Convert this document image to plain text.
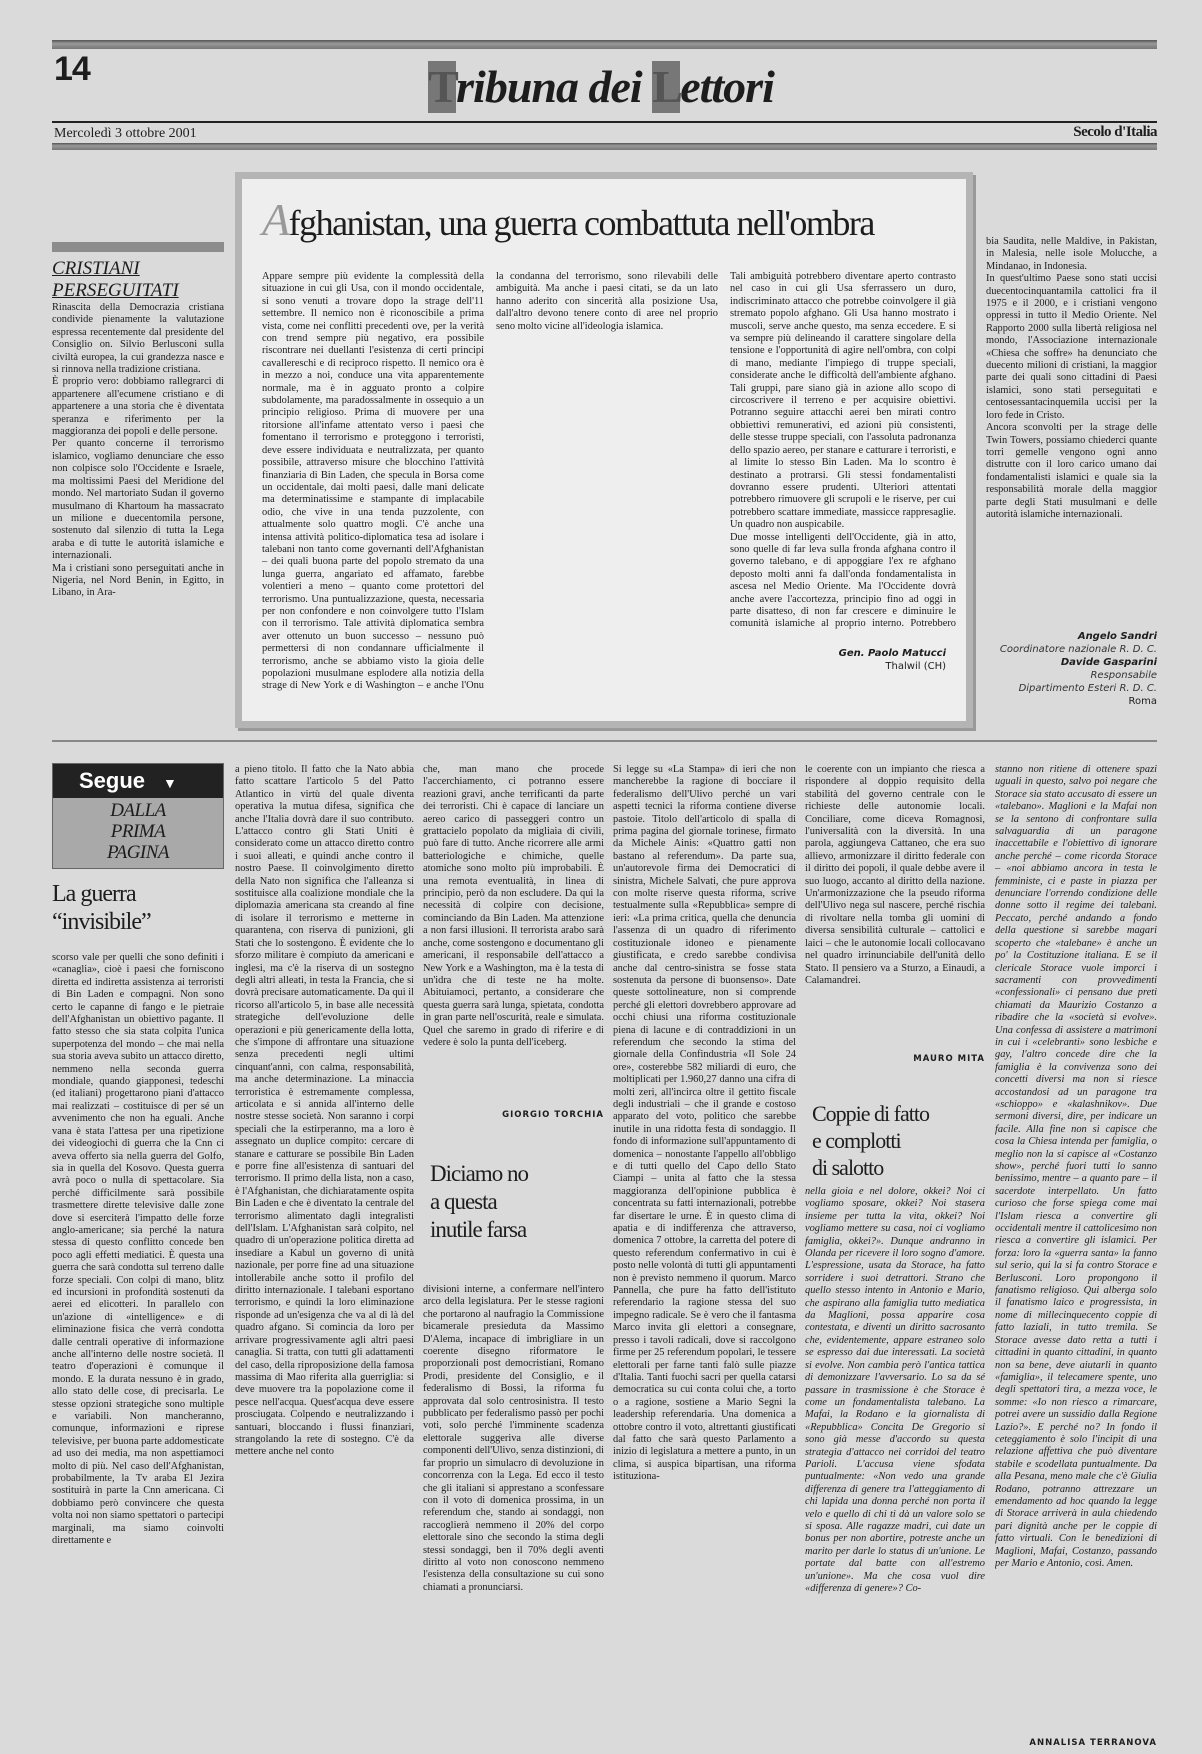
14	T
ribuna dei L
ettori
Mercoledì 3 ottobre 2001	Secolo d'Italia
CRISTIANI PERSEGUITATI

Rinascita della Democrazia cristiana condivide pienamente la valutazione espressa recentemente dal presidente del Consiglio on. Silvio Berlusconi sulla civiltà europea, la cui grandezza nasce e si rinnova nella tradizione cristiana.

È proprio vero: dobbiamo rallegrarci di appartenere all'ecumene cristiano e di appartenere a una storia che è diventata speranza e riferimento per la maggioranza dei popoli e delle persone.

Per quanto concerne il terrorismo islamico, vogliamo denunciare che esso non colpisce solo l'Occidente e Israele, ma moltissimi Paesi del Meridione del mondo. Nel martoriato Sudan il governo musulmano di Khartoum ha massacrato un milione e duecentomila persone, sostenuto dal silenzio di tutta la Lega araba e di tutte le autorità islamiche e internazionali.

Ma i cristiani sono perseguitati anche in Nigeria, nel Nord Benin, in Egitto, in Libano, in Ara-

bia Saudita, nelle Maldive, in Pakistan, in Malesia, nelle isole Molucche, a Mindanao, in Indonesia.

In quest'ultimo Paese sono stati uccisi duecentocinquantamila cattolici fra il 1975 e il 2000, e i cristiani vengono oppressi in tutto il Medio Oriente. Nel Rapporto 2000 sulla libertà religiosa nel mondo, l'Associazione internazionale «Chiesa che soffre» ha denunciato che duecento milioni di cristiani, la maggior parte dei quali sono cittadini di Paesi islamici, sono stati perseguitati e centosessantacinquemila uccisi per la loro fede in Cristo.

Ancora sconvolti per la strage delle Twin Towers, possiamo chiederci quante torri gemelle vengono ogni anno distrutte con il loro carico umano dai fondamentalisti islamici e quale sia la responsabilità morale della maggior parte degli Stati musulmani e delle autorità islamiche internazionali.

Angelo Sandri
Coordinatore nazionale R. D. C.
Davide Gasparini
Responsabile
Dipartimento Esteri R. D. C.
Roma
Afghanistan, una guerra combattuta nell'ombra

Appare sempre più evidente la complessità della situazione in cui gli Usa, con il mondo occidentale, si sono venuti a trovare dopo la strage dell'11 settembre. Il nemico non è riconoscibile a prima vista, come nei conflitti precedenti ove, per la verità con trend sempre più negativo, era possibile riscontrare nei duellanti l'esistenza di certi principi cavallereschi e di reciproco rispetto. Il nemico ora è in mezzo a noi, conduce una vita apparentemente normale, ma è in agguato pronto a colpire subdolamente, ma paradossalmente in ossequio a un principio religioso. Prima di muovere per una ritorsione all'infame attentato verso i paesi che fomentano il terrorismo e proteggono i terroristi, deve essere individuata e neutralizzata, per quanto possibile, attraverso misure che blocchino l'attività finanziaria di Bin Laden, che specula in Borsa come un occidentale, dai molti paesi, dalle mani delicate ma determinatissime e stampante di implacabile odio, che vive in una tenda puzzolente, con attualmente solo quattro mogli. C'è anche una intensa attività politico-diplomatica tesa ad isolare i talebani non tanto come governanti dell'Afghanistan – dei quali buona parte del popolo stremato da una lunga guerra, angariato ed affamato, farebbe volentieri a meno – quanto come protettori del terrorismo. Una puntualizzazione, questa, necessaria per non confondere e non coinvolgere tutto l'Islam con il terrorismo. Tale attività diplomatica sembra aver ottenuto un buon successo – nessuno può permettersi di non condannare ufficialmente il terrorismo, anche se abbiamo visto la gioia delle popolazioni musulmane esplodere alla notizia della strage di New York e di Washington – e anche l'Onu

la condanna del terrorismo, sono rilevabili delle ambiguità. Ma anche i paesi citati, se da un lato hanno aderito con sincerità alla posizione Usa, dall'altro devono tenere conto di aree nel proprio seno molto vicine all'ideologia islamica.

Tali ambiguità potrebbero diventare aperto contrasto nel caso in cui gli Usa sferrassero un duro, indiscriminato attacco che potrebbe coinvolgere il già stremato popolo afghano. Gli Usa hanno mostrato i muscoli, serve anche questo, ma senza eccedere. E si va sempre più delineando il carattere singolare della tensione e l'opportunità di agire nell'ombra, con colpi di mano, mediante l'impiego di truppe speciali, considerate anche le difficoltà dell'ambiente afghano. Tali gruppi, pare siano già in azione allo scopo di circoscrivere il terreno e per acquisire obiettivi. Potranno seguire attacchi aerei ben mirati contro obbiettivi remunerativi, ed azioni più consistenti, delle stesse truppe speciali, con l'assoluta padronanza dello spazio aereo, per stanare e catturare i terroristi, e al limite lo stesso Bin Laden. Ma lo scontro è destinato a protrarsi. Gli stessi fondamentalisti dovranno essere prudenti. Ulteriori attentati potrebbero rimuovere gli scrupoli e le riserve, per cui potrebbero scattare immediate, massicce rappresaglie. Un quadro non auspicabile.

Due mosse intelligenti dell'Occidente, già in atto, sono quelle di far leva sulla fronda afghana contro il governo talebano, e di appoggiare l'ex re afghano deposto molti anni fa dall'onda fondamentalista in ascesa nel Medio Oriente. Ma l'Occidente dovrà anche avere l'accortezza, principio fino ad oggi in parte disatteso, di non far crescere e diminuire le comunità islamiche al proprio interno. Potrebbero

Gen. Paolo Matucci
Thalwil (CH)
Segue ▼
DALLA
PRIMA
PAGINA
La guerra
“invisibile”

scorso vale per quelli che sono definiti i «canaglia», cioè i paesi che forniscono diretta ed indiretta assistenza ai terroristi di Bin Laden e compagni. Non sono certo le capanne di fango e le pietraie dell'Afghanistan un obiettivo pagante. Il fatto stesso che sia stata colpita l'unica superpotenza del mondo – che mai nella sua storia aveva subito un attacco diretto, nemmeno nella seconda guerra mondiale, quando giapponesi, tedeschi (ed italiani) progettarono piani d'attacco mai realizzati – costituisce di per sé un avvenimento che non ha eguali. Anche vana è stata l'attesa per una ripetizione dei videogiochi di guerra che la Cnn ci aveva offerto sia nella guerra del Golfo, sia in quella del Kosovo. Questa guerra avrà poco o nulla di spettacolare. Sia perché difficilmente sarà possibile trasmettere dirette televisive dalle zone dove si eserciterà l'impatto delle forze anglo-americane; sia perché la natura stessa di questo conflitto concede ben poco agli effetti mediatici. È questa una guerra che sarà condotta sul terreno dalle forze speciali. Con colpi di mano, blitz ed incursioni in profondità sostenuti da aerei ed elicotteri. In parallelo con un'azione di «intelligence» e di eliminazione fisica che verrà condotta dalle centrali operative di informazione anche all'interno delle nostre società. Il teatro d'operazioni è comunque il mondo. E la durata nessuno è in grado, allo stato delle cose, di precisarla. Le stesse opzioni strategiche sono multiple e variabili. Non mancheranno, comunque, informazioni e riprese televisive, per buona parte addomesticate ad uso dei media, ma non aspettiamoci molto di più. Nel caso dell'Afghanistan, probabilmente, la Tv araba El Jezira sostituirà in parte la Cnn americana. Ci dobbiamo però convincere che questa volta noi non siamo spettatori o partecipi marginali, ma siamo coinvolti direttamente e

a pieno titolo. Il fatto che la Nato abbia fatto scattare l'articolo 5 del Patto Atlantico in virtù del quale diventa operativa la mutua difesa, significa che anche l'Italia dovrà dare il suo contributo. L'attacco contro gli Stati Uniti è considerato come un attacco diretto contro i suoi alleati, e quindi anche contro il nostro Paese. Il coinvolgimento diretto della Nato non significa che l'alleanza si sostituisce alla coalizione mondiale che la diplomazia americana sta creando al fine di isolare il terrorismo e metterne in quarantena, con riserva di punizioni, gli Stati che lo sostengono. È evidente che lo sforzo militare è compiuto da americani e inglesi, ma c'è la riserva di un sostegno degli altri alleati, in testa la Francia, che si dovrà precisare automaticamente. Da qui il ricorso all'articolo 5, in base alle necessità strategiche dell'evoluzione delle operazioni e più genericamente della lotta, che s'impone di affrontare una situazione senza precedenti negli ultimi cinquant'anni, con calma, responsabilità, ma anche determinazione. La minaccia terroristica è estremamente complessa, articolata e si annida all'interno delle nostre stesse società. Non saranno i corpi speciali che la estirperanno, ma a loro è assegnato un duplice compito: cercare di stanare e catturare se possibile Bin Laden e porre fine all'esistenza di santuari del terrorismo. Il primo della lista, non a caso, è l'Afghanistan, che dichiaratamente ospita Bin Laden e che è diventato la centrale del terrorismo alimentato dagli integralisti dell'Islam. L'Afghanistan sarà colpito, nel quadro di un'operazione politica diretta ad insediare a Kabul un governo di unità nazionale, per porre fine ad una situazione intollerabile anche sotto il profilo del diritto internazionale. I talebani esportano terrorismo, e quindi la loro eliminazione risponde ad un'esigenza che va al di là del quadro afgano. Si comincia da loro per arrivare progressivamente agli altri paesi canaglia. Si tratta, con tutti gli adattamenti del caso, della riproposizione della famosa massima di Mao riferita alla guerriglia: si deve muovere tra la popolazione come il pesce nell'acqua. Quest'acqua deve essere prosciugata. Colpendo e neutralizzando i santuari, bloccando i flussi finanziari, strangolando la rete di sostegno. C'è da mettere anche nel conto

che, man mano che procede l'accerchiamento, ci potranno essere reazioni gravi, anche terrificanti da parte dei terroristi. Chi è capace di lanciare un aereo carico di passeggeri contro un grattacielo popolato da migliaia di civili, può fare di tutto. Anche ricorrere alle armi batteriologiche e chimiche, quelle atomiche sono molto più improbabili. È una remota eventualità, in linea di principio, però da non escludere. Da qui la necessità di colpire con decisione, cominciando da Bin Laden. Ma attenzione a non farsi illusioni. Il terrorista arabo sarà anche, come sostengono e documentano gli americani, il responsabile dell'attacco a New York e a Washington, ma è la testa di un'idra che di teste ne ha molte. Abituiamoci, pertanto, a considerare che questa guerra sarà lunga, spietata, condotta in gran parte nell'oscurità, reale e simulata. Quel che saremo in grado di riferire e di vedere è solo la punta dell'iceberg.

GIORGIO TORCHIA
Diciamo no
a questa
inutile farsa

divisioni interne, a confermare nell'intero arco della legislatura. Per le stesse ragioni che portarono al naufragio la Commissione bicamerale presieduta da Massimo D'Alema, incapace di imbrigliare in un coerente disegno riformatore le proporzionali post democristiani, Romano Prodi, presidente del Consiglio, e il federalismo di Bossi, la riforma fu approvata dal solo centrosinistra. Il testo pubblicato per federalismo passò per pochi voti, solo perché l'imminente scadenza elettorale suggeriva alle diverse componenti dell'Ulivo, senza distinzioni, di far proprio un simulacro di devoluzione in concorrenza con la Lega. Ed ecco il testo che gli italiani si apprestano a sconfessare con il voto di domenica prossima, in un referendum che, stando ai sondaggi, non raccoglierà nemmeno il 20% del corpo elettorale sino che secondo la stima degli stessi sondaggi, ben il 70% degli aventi diritto al voto non conoscono nemmeno l'esistenza della consultazione su cui sono chiamati a pronunciarsi.

Si legge su «La Stampa» di ieri che non mancherebbe la ragione di bocciare il federalismo dell'Ulivo perché un vari aspetti tecnici la riforma contiene diverse pastoie. Titolo dell'articolo di spalla di prima pagina del giornale torinese, firmato da Michele Ainis: «Quattro gatti non bastano al referendum». Da parte sua, un'autorevole firma dei Democratici di sinistra, Michele Salvati, che pure approva con molte riserve questa riforma, scrive testualmente sulla «Repubblica» sempre di ieri: «La prima critica, quella che denuncia l'assenza di un quadro di riferimento costituzionale idoneo e pienamente giustificata, e credo sarebbe condivisa anche dal centro-sinistra se fosse stata sostenuta da persone di buonsenso». Date queste sottolineature, non si comprende perché gli elettori dovrebbero approvare ad occhi chiusi una riforma costituzionale piena di lacune e di contraddizioni in un referendum che secondo la stima del giornale della Confindustria «Il Sole 24 ore», costerebbe 582 miliardi di euro, che moltiplicati per 1.960,27 danno una cifra di molti zeri, all'incirca oltre il gettito fiscale degli industriali – che il grande e costoso apparato del voto, politico che sarebbe inutile in una ridotta festa di sondaggio. Il fondo di informazione sull'appuntamento di domenica – nonostante l'appello all'obbligo e di tutti quello del Capo dello Stato Ciampi – unita al fatto che la stessa maggioranza dell'opinione pubblica è concentrata su fatti internazionali, potrebbe far disertare le urne. È in questo clima di apatia e di indifferenza che attraverso, domenica 7 ottobre, la carretta del potere di questo referendum confermativo in cui è posto nelle volontà di tutti gli appuntamenti non è previsto nemmeno il quorum. Marco Pannella, che pure ha fatto dell'istituto referendario la ragione stessa del suo impegno radicale. Se è vero che il fantasma Marco invita gli elettori a consegnare, presso i tavoli radicali, dove si raccolgono firme per 25 referendum popolari, le tessere elettorali per farne tanti falò sulle piazze d'Italia. Tanti fuochi sacri per quella catarsi democratica su cui conta colui che, a torto o a ragione, sostiene a Mario Segni la leadership referendaria. Una domenica a ottobre contro il voto, altrettanti giustificati dal fatto che sarà questo Parlamento a inizio di legislatura a mettere a punto, in un clima, si auspica bipartisan, una riforma istituziona-

le coerente con un impianto che riesca a rispondere al doppio requisito della stabilità del governo centrale con le richieste delle autonomie locali. Conciliare, come diceva Romagnosi, l'universalità con la diversità. In una parola, aggiungeva Cattaneo, che era suo allievo, armonizzare il diritto federale con il diritto dei popoli, il quale debbe avere il suo luogo, accanto al diritto della nazione. Un'armonizzazione che la pseudo riforma dell'Ulivo nega sul nascere, perché rischia di rivoltare nella tomba gli uomini di diversa sensibilità culturale – cattolici e laici – che le autonomie locali collocavano nel quadro irrinunciabile dell'unità dello Stato. Il pensiero va a Sturzo, a Einaudi, a Calamandrei.

MAURO MITA
Coppie di fatto
e complotti
di salotto

nella gioia e nel dolore, okkei? Noi ci vogliamo sposare, okkei? Noi stasera insieme per tutta la vita, okkei? Noi vogliamo mettere su casa, noi ci vogliamo famiglia, okkei?». Dunque andranno in Olanda per ricevere il loro sogno d'amore. L'espressione, usata da Storace, ha fatto sorridere i suoi detrattori. Strano che quello stesso intento in Antonio e Mario, che aspirano alla famiglia tutto mediatica da Maglioni, possa apparire cosa contestata, e diventi un diritto sacrosanto che, evidentemente, appare estraneo solo se espresso dai due interessati. La società si evolve. Non cambia però l'antica tattica di demonizzare l'avversario. Lo sa da sé passare in trasmissione è che Storace è come un fondamentalista talebano. La Mafai, la Rodano e la giornalista di «Repubblica» Concita De Gregorio si sono già messe d'accordo su questa strategia d'attacco nei corridoi del teatro Parioli. L'accusa viene sfodata puntualmente: «Non vedo una grande differenza di genere tra l'atteggiamento di chi lapida una donna perché non porta il velo e quello di chi ti dà un valore solo se si sposa. Alle ragazze madri, cui date un bonus per non abortire, potreste anche un marito per darle lo status di un'unione. Le portate dal batte con all'estremo un'unione». Ma che cosa vuol dire «differenza di genere»? Co-

stanno non ritiene di ottenere spazi uguali in questo, salvo poi negare che Storace sia stato accusato di essere un «talebano». Maglioni e la Mafai non se la sentono di confrontare sulla salvaguardia di un paragone inaccettabile e l'obiettivo di ignorare anche perché – come ricorda Storace – «noi abbiamo ancora in testa le femministe, ci e paste in piazza per denunciare l'orrendo condizione delle donne sotto il regime dei talebani. Peccato, perché andando a fondo della questione si sarebbe magari scoperto che «talebane» è anche un po' la Costituzione italiana. E se il clericale Storace vuole imporci i sacramenti con provvedimenti «confessionali» ci pensano due preti chiamati da Maurizio Costanzo a ribadire che la «società si evolve». Una confessa di assistere a matrimoni in cui i «celebranti» sono lesbiche e gay, l'altro concede dire che la famiglia è la convivenza sono dei concetti diversi ma non si riesce accostandosi ad un paragone tra «schioppo» e «kalashnikov». Due sermoni diversi, dire, per indicare un facile. Alla fine non si capisce che cosa la Chiesa intenda per famiglia, o meglio non la si capisce al «Costanzo show», perché fuori tutti lo sanno benissimo, mentre – a quanto pare – il sacerdote interpellato. Un fatto curioso che forse spiega come mai l'Islam riesca a convertire gli occidentali mentre il cattolicesimo non riesca a convertire gli islamici. Per forza: loro la «guerra santa» la fanno sul serio, qui la si fa contro Storace e Berlusconi. Loro propongono il fanatismo religioso. Qui alberga solo il fanatismo laico e progressista, in nome di millecinquecento coppie di fatto laziali, in tutto tremila. Se Storace avesse dato retta a tutti i cittadini in quanto cittadini, in quanto non sa bene, deve aiutarli in quanto «famiglia», il telecamere spente, uno degli spettatori tira, a mezza voce, le somme: «Io non riesco a rimarcare, potrei avere un sussidio dalla Regione Lazio?». E perché no? In fondo il ceteggiamento è solo l'incipit di una relazione affettiva che può diventare stabile e scodellata puntualmente. Da alla Pesana, meno male che c'è Giulia Rodano, potranno attrezzare un emendamento ad hoc quando la legge di Storace arriverà in aula chiedendo pari dignità anche per le coppie di fatto virtuali. Con le benedizioni di Maglioni, Mafai, Costanzo, passando per Mario e Antonio, così. Amen.

ANNALISA TERRANOVA
